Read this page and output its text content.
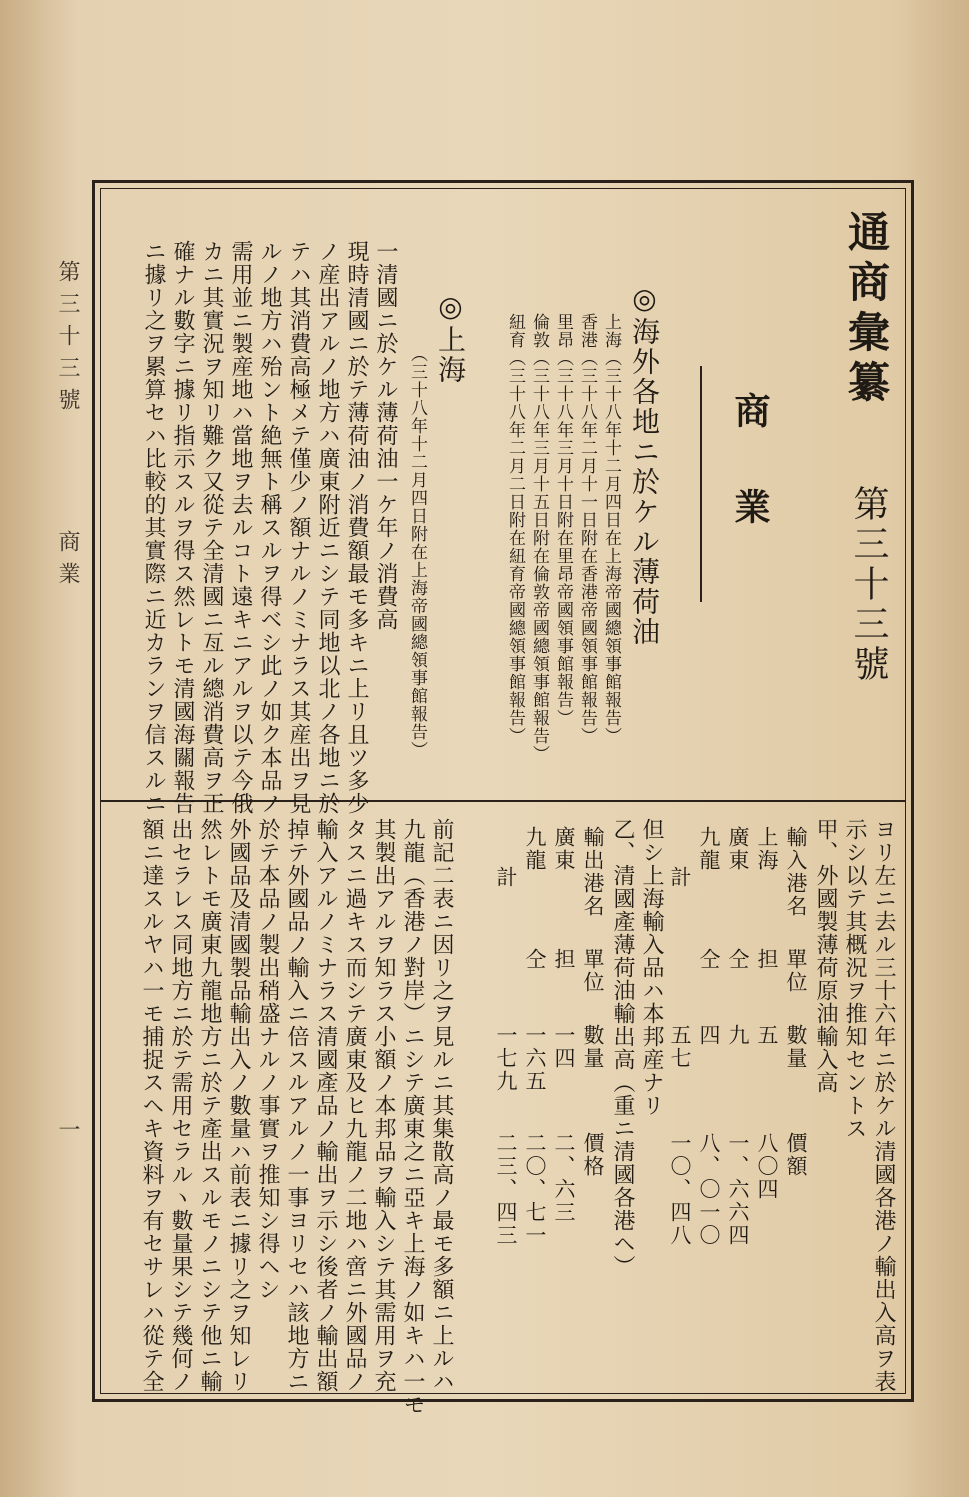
第三十三號
商業
一
通商彙纂
第三十三號
商業
◎海外各地ニ於ケル薄荷油
上海（三十八年十二月四日在上海帝國總領事館報告）
香港（三十八年二月十一日附在香港帝國領事館報告）
里昂（三十八年三月十日附在里昂帝國領事館報告）
倫敦（三十八年三月十五日附在倫敦帝國總領事館報告）
紐育（三十八年二月二日附在紐育帝國總領事館報告）
◎上海
（三十八年十二月四日附在上海帝國總領事館報告）
一清國ニ於ケル薄荷油一ケ年ノ消費高
現時清國ニ於テ薄荷油ノ消費額最モ多キニ上リ且ツ多少
ノ産出アルノ地方ハ廣東附近ニシテ同地以北ノ各地ニ於
テハ其消費高極メテ僅少ノ額ナルノミナラス其産出ヲ見
ルノ地方ハ殆ント絶無ト稱スルヲ得ベシ此ノ如ク本品ノ
需用並ニ製産地ハ當地ヲ去ルコト遠キニアルヲ以テ今俄
カニ其實況ヲ知リ難ク又從テ全清國ニ亙ル總消費高ヲ正
確ナル數字ニ據リ指示スルヲ得ス然レトモ清國海關報告
ニ據リ之ヲ累算セハ比較的其實際ニ近カランヲ信スルニ
ヨリ左ニ去ル三十六年ニ於ケル清國各港ノ輸出入高ヲ表
示シ以テ其概況ヲ推知セントス
甲、外國製薄荷原油輸入高
輸入港名
單位
數量
價額
上海
担
五
八〇四
廣東
仝
九
一、六六四
九龍
仝
四
八、〇一〇
計
五七
一〇、四八
但シ上海輸入品ハ本邦産ナリ
乙、清國產薄荷油輸出高（重ニ清國各港ヘ）
輸出港名
單位
數量
價格
廣東
担
一四
二、六三
九龍
仝
一六五
二〇、七一
計
一七九
二三、四三
前記二表ニ因リ之ヲ見ルニ其集散高ノ最モ多額ニ上ルハ
九龍（香港ノ對岸）ニシテ廣東之ニ亞キ上海ノ如キハ一モ
其製出アルヲ知ラス小額ノ本邦品ヲ輸入シテ其需用ヲ充
タスニ過キス而シテ廣東及ヒ九龍ノ二地ハ啻ニ外國品ノ
輸入アルノミナラス清國產品ノ輸出ヲ示シ後者ノ輸出額
掉テ外國品ノ輸入ニ倍スルアルノ一事ヨリセハ該地方ニ
於テ本品ノ製出稍盛ナルノ事實ヲ推知シ得ヘシ
外國品及清國製品輸出入ノ數量ハ前表ニ據リ之ヲ知レリ
然レトモ廣東九龍地方ニ於テ產出スルモノニシテ他ニ輸
出セラレス同地方ニ於テ需用セラルヽ數量果シテ幾何ノ
額ニ達スルヤハ一モ捕捉スヘキ資料ヲ有セサレハ從テ全
